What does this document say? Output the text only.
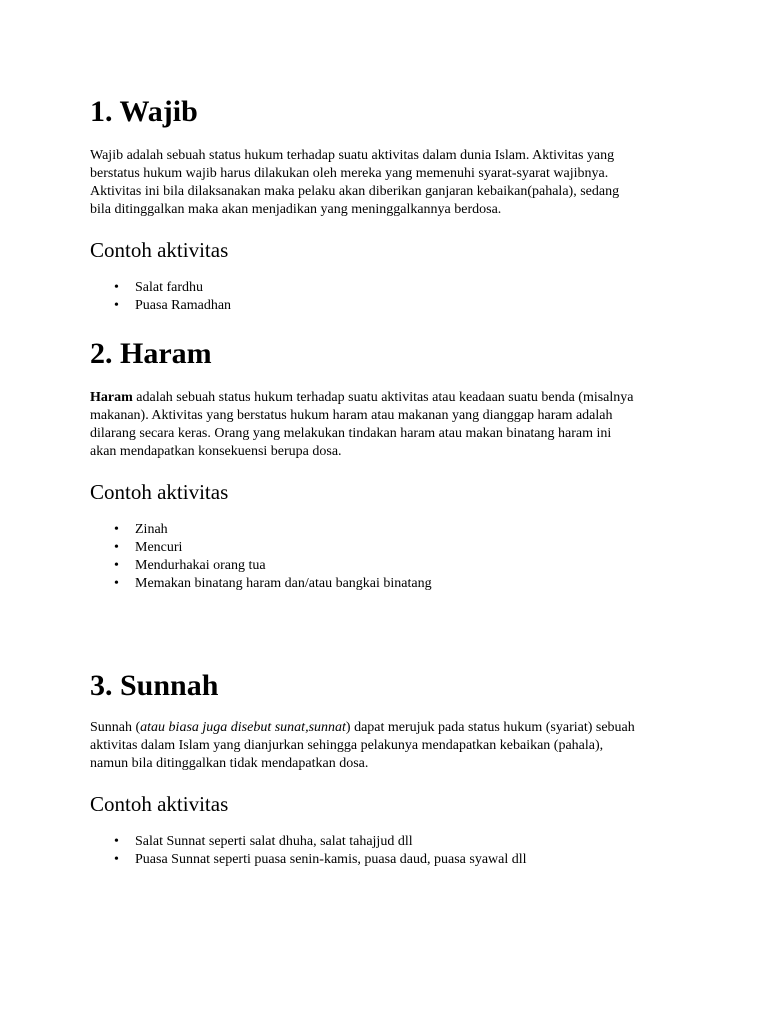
1. Wajib

Wajib adalah sebuah status hukum terhadap suatu aktivitas dalam dunia Islam. Aktivitas yang
berstatus hukum wajib harus dilakukan oleh mereka yang memenuhi syarat-syarat wajibnya.
Aktivitas ini bila dilaksanakan maka pelaku akan diberikan ganjaran kebaikan(pahala), sedang
bila ditinggalkan maka akan menjadikan yang meninggalkannya berdosa.

Contoh aktivitas
• Salat fardhu
• Puasa Ramadhan
2. Haram

Haram adalah sebuah status hukum terhadap suatu aktivitas atau keadaan suatu benda (misalnya
makanan). Aktivitas yang berstatus hukum haram atau makanan yang dianggap haram adalah
dilarang secara keras. Orang yang melakukan tindakan haram atau makan binatang haram ini
akan mendapatkan konsekuensi berupa dosa.

Contoh aktivitas
• Zinah
• Mencuri
• Mendurhakai orang tua
• Memakan binatang haram dan/atau bangkai binatang
3. Sunnah

Sunnah (atau biasa juga disebut sunat,sunnat) dapat merujuk pada status hukum (syariat) sebuah
aktivitas dalam Islam yang dianjurkan sehingga pelakunya mendapatkan kebaikan (pahala),
namun bila ditinggalkan tidak mendapatkan dosa.

Contoh aktivitas
• Salat Sunnat seperti salat dhuha, salat tahajjud dll
• Puasa Sunnat seperti puasa senin-kamis, puasa daud, puasa syawal dll
